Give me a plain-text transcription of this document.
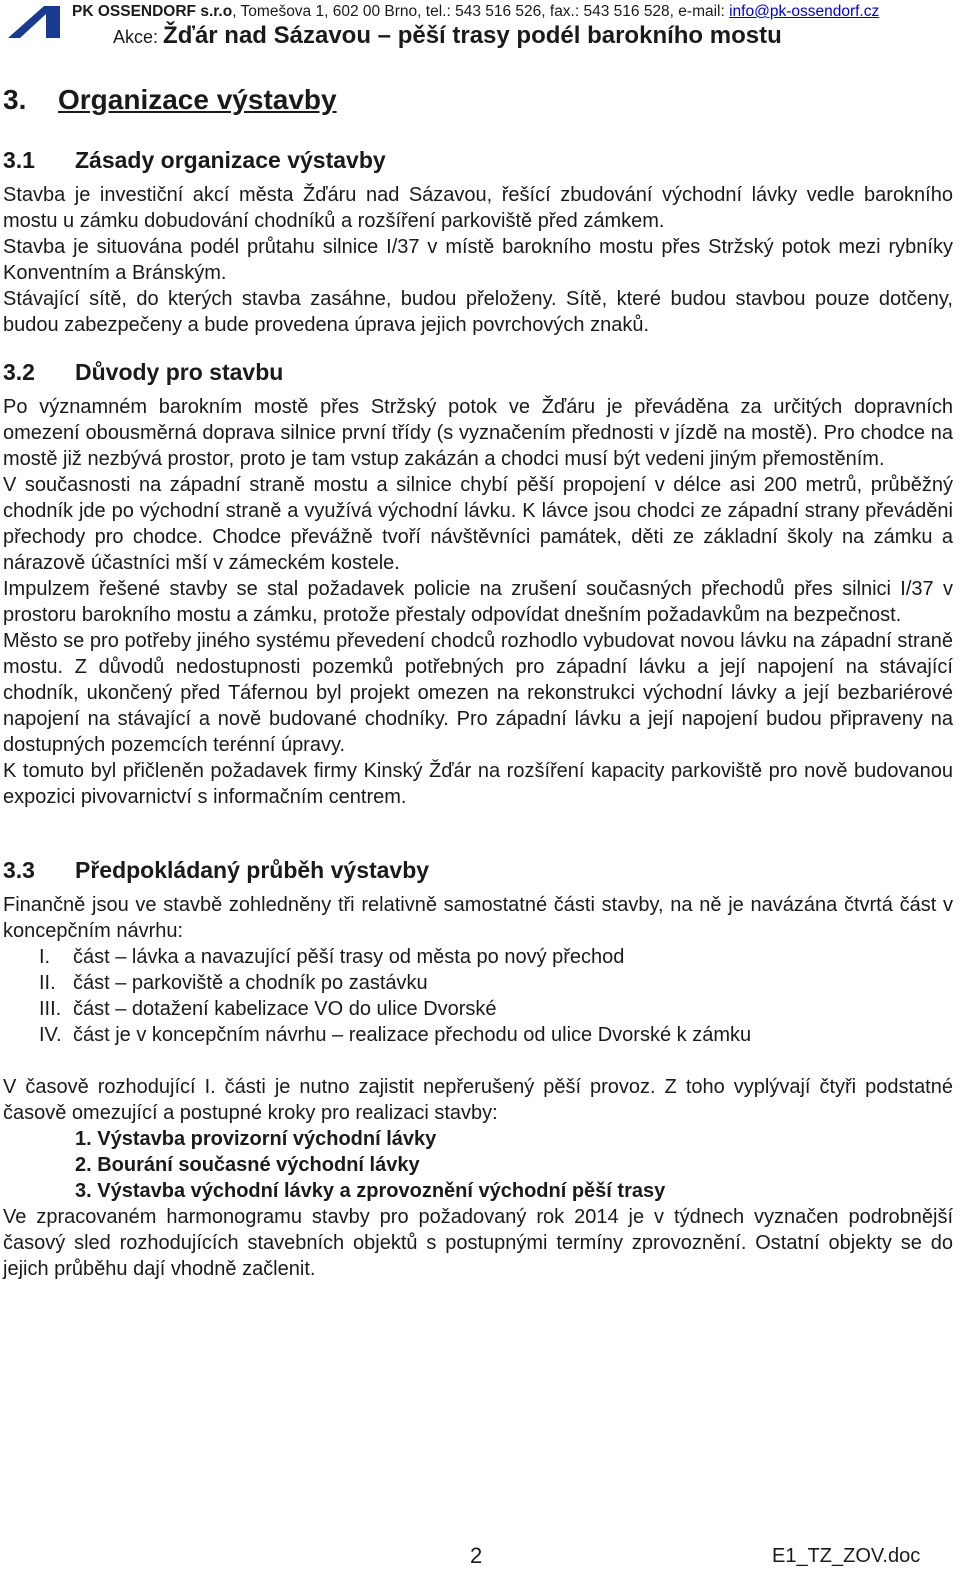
PK OSSENDORF s.r.o, Tomešova 1, 602 00 Brno, tel.: 543 516 526, fax.: 543 516 528, e-mail: info@pk-ossendorf.cz
Akce: Žďár nad Sázavou – pěší trasy podél barokního mostu
3. Organizace výstavby
3.1 Zásady organizace výstavby

Stavba je investiční akcí města Žďáru nad Sázavou, řešící zbudování východní lávky vedle barokního mostu u zámku dobudování chodníků a rozšíření parkoviště před zámkem.

Stavba je situována podél průtahu silnice I/37 v místě barokního mostu přes Stržský potok mezi rybníky Konventním a Bránským.

Stávající sítě, do kterých stavba zasáhne, budou přeloženy. Sítě, které budou stavbou pouze dotčeny, budou zabezpečeny a bude provedena úprava jejich povrchových znaků.

3.2 Důvody pro stavbu

Po významném barokním mostě přes Stržský potok ve Žďáru je převáděna za určitých dopravních omezení obousměrná doprava silnice první třídy (s vyznačením přednosti v jízdě na mostě). Pro chodce na mostě již nezbývá prostor, proto je tam vstup zakázán a chodci musí být vedeni jiným přemostěním.

V současnosti na západní straně mostu a silnice chybí pěší propojení v délce asi 200 metrů, průběžný chodník jde po východní straně a využívá východní lávku. K lávce jsou chodci ze západní strany převáděni přechody pro chodce. Chodce převážně tvoří návštěvníci památek, děti ze základní školy na zámku a nárazově účastníci mší v zámeckém kostele.

Impulzem řešené stavby se stal požadavek policie na zrušení současných přechodů přes silnici I/37 v prostoru barokního mostu a zámku, protože přestaly odpovídat dnešním požadavkům na bezpečnost.

Město se pro potřeby jiného systému převedení chodců rozhodlo vybudovat novou lávku na západní straně mostu. Z důvodů nedostupnosti pozemků potřebných pro západní lávku a její napojení na stávající chodník, ukončený před Táfernou byl projekt omezen na rekonstrukci východní lávky a její bezbariérové napojení na stávající a nově budované chodníky. Pro západní lávku a její napojení budou připraveny na dostupných pozemcích terénní úpravy.

K tomuto byl přičleněn požadavek firmy Kinský Žďár na rozšíření kapacity parkoviště pro nově budovanou expozici pivovarnictví s informačním centrem.

3.3 Předpokládaný průběh výstavby

Finančně jsou ve stavbě zohledněny tři relativně samostatné části stavby, na ně je navázána čtvrtá část v koncepčním návrhu:

I. část – lávka a navazující pěší trasy od města po nový přechod
II. část – parkoviště a chodník po zastávku
III. část – dotažení kabelizace VO do ulice Dvorské
IV. část je v koncepčním návrhu – realizace přechodu od ulice Dvorské k zámku

V časově rozhodující I. části je nutno zajistit nepřerušený pěší provoz. Z toho vyplývají čtyři podstatné časově omezující a postupné kroky pro realizaci stavby:

1. Výstavba provizorní východní lávky
2. Bourání současné východní lávky
3. Výstavba východní lávky a zprovoznění východní pěší trasy

Ve zpracovaném harmonogramu stavby pro požadovaný rok 2014 je v týdnech vyznačen podrobnější časový sled rozhodujících stavebních objektů s postupnými termíny zprovoznění. Ostatní objekty se do jejich průběhu dají vhodně začlenit.

2	E1_TZ_ZOV.doc
